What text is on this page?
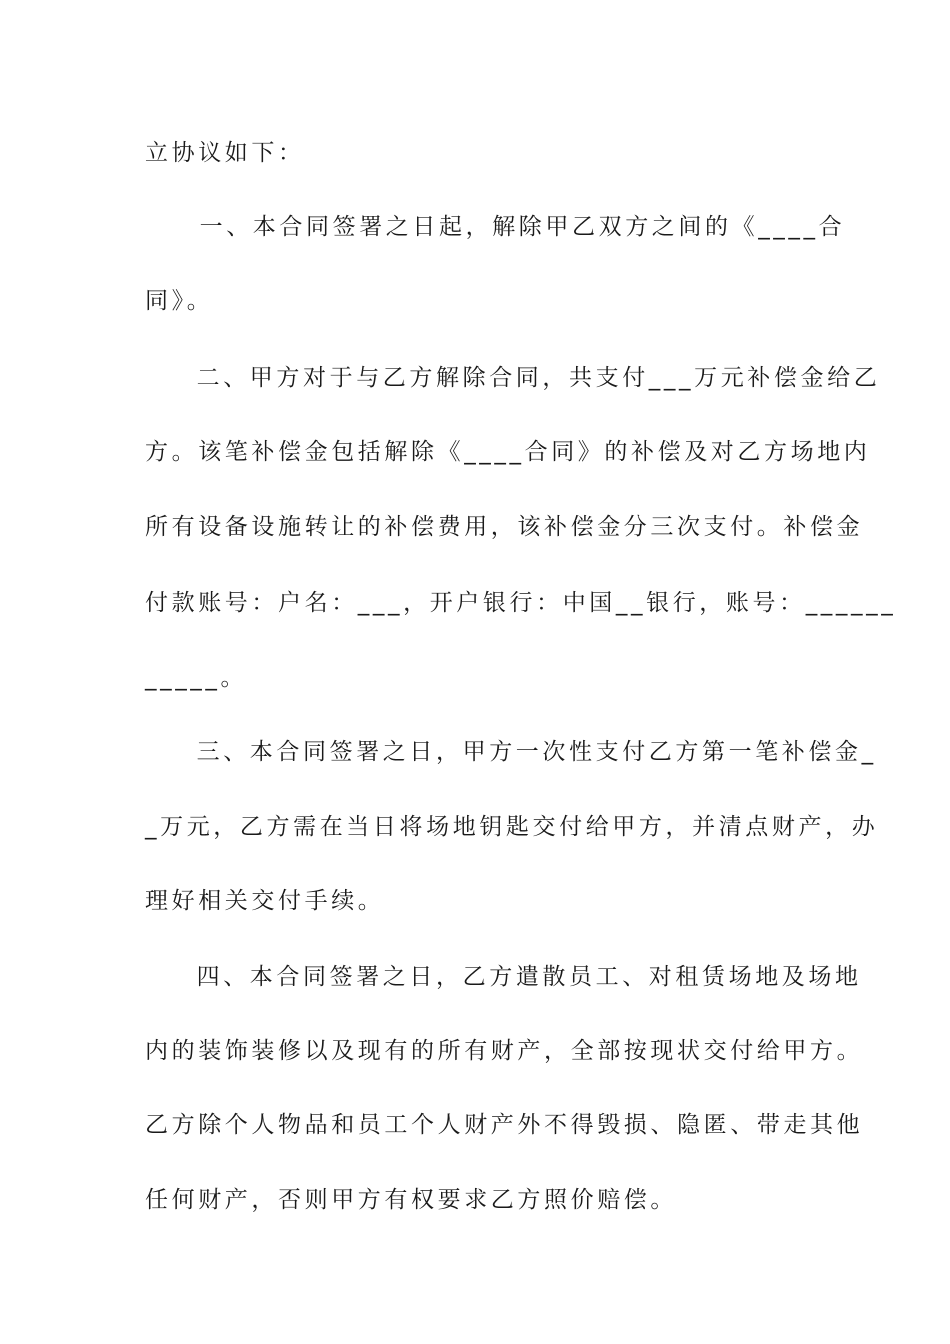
立协议如下：
　一、本合同签署之日起，解除甲乙双方之间的《____合
同》。
　二、甲方对于与乙方解除合同，共支付___万元补偿金给乙
方。该笔补偿金包括解除《____合同》的补偿及对乙方场地内
所有设备设施转让的补偿费用，该补偿金分三次支付。补偿金
付款账号：户名：___，开户银行：中国__银行，账号：______
_____。
　三、本合同签署之日，甲方一次性支付乙方第一笔补偿金_
_万元，乙方需在当日将场地钥匙交付给甲方，并清点财产，办
理好相关交付手续。
　四、本合同签署之日，乙方遣散员工、对租赁场地及场地
内的装饰装修以及现有的所有财产，全部按现状交付给甲方。
乙方除个人物品和员工个人财产外不得毁损、隐匿、带走其他
任何财产，否则甲方有权要求乙方照价赔偿。
